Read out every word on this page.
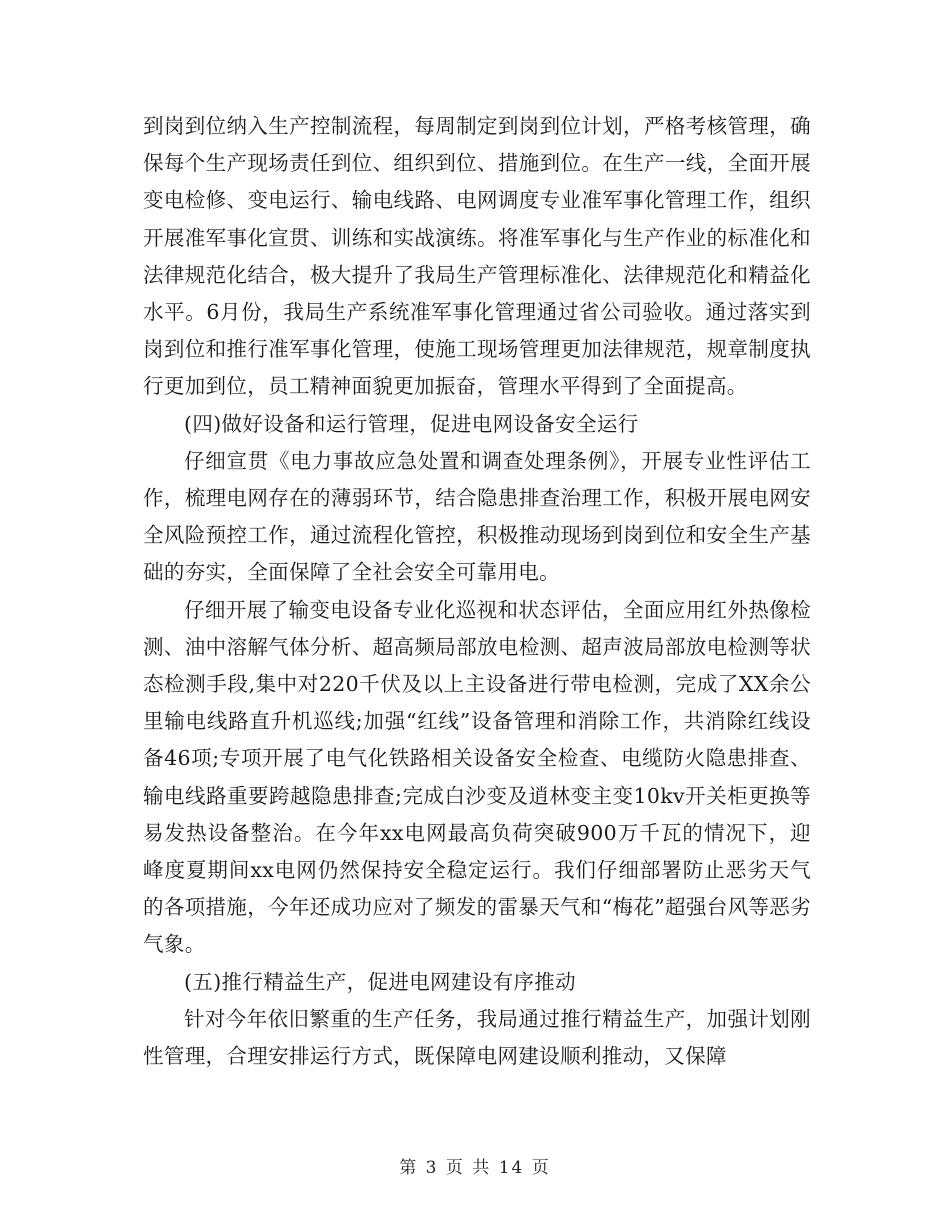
到岗到位纳入生产控制流程，每周制定到岗到位计划，严格考核管理，确保每个生产现场责任到位、组织到位、措施到位。在生产一线，全面开展变电检修、变电运行、输电线路、电网调度专业准军事化管理工作，组织开展准军事化宣贯、训练和实战演练。将准军事化与生产作业的标准化和法律规范化结合，极大提升了我局生产管理标准化、法律规范化和精益化水平。6月份，我局生产系统准军事化管理通过省公司验收。通过落实到岗到位和推行准军事化管理，使施工现场管理更加法律规范，规章制度执行更加到位，员工精神面貌更加振奋，管理水平得到了全面提高。

(四)做好设备和运行管理，促进电网设备安全运行

仔细宣贯《电力事故应急处置和调查处理条例》，开展专业性评估工作，梳理电网存在的薄弱环节，结合隐患排查治理工作，积极开展电网安全风险预控工作，通过流程化管控，积极推动现场到岗到位和安全生产基础的夯实，全面保障了全社会安全可靠用电。

仔细开展了输变电设备专业化巡视和状态评估，全面应用红外热像检测、油中溶解气体分析、超高频局部放电检测、超声波局部放电检测等状态检测手段,集中对220千伏及以上主设备进行带电检测，完成了XX余公里输电线路直升机巡线;加强“红线”设备管理和消除工作，共消除红线设备46项;专项开展了电气化铁路相关设备安全检查、电缆防火隐患排查、输电线路重要跨越隐患排查;完成白沙变及逍林变主变10kv开关柜更换等易发热设备整治。在今年xx电网最高负荷突破900万千瓦的情况下，迎峰度夏期间xx电网仍然保持安全稳定运行。我们仔细部署防止恶劣天气的各项措施，今年还成功应对了频发的雷暴天气和“梅花”超强台风等恶劣气象。

(五)推行精益生产，促进电网建设有序推动

针对今年依旧繁重的生产任务，我局通过推行精益生产，加强计划刚性管理，合理安排运行方式，既保障电网建设顺利推动，又保障

第 3 页 共 14 页
